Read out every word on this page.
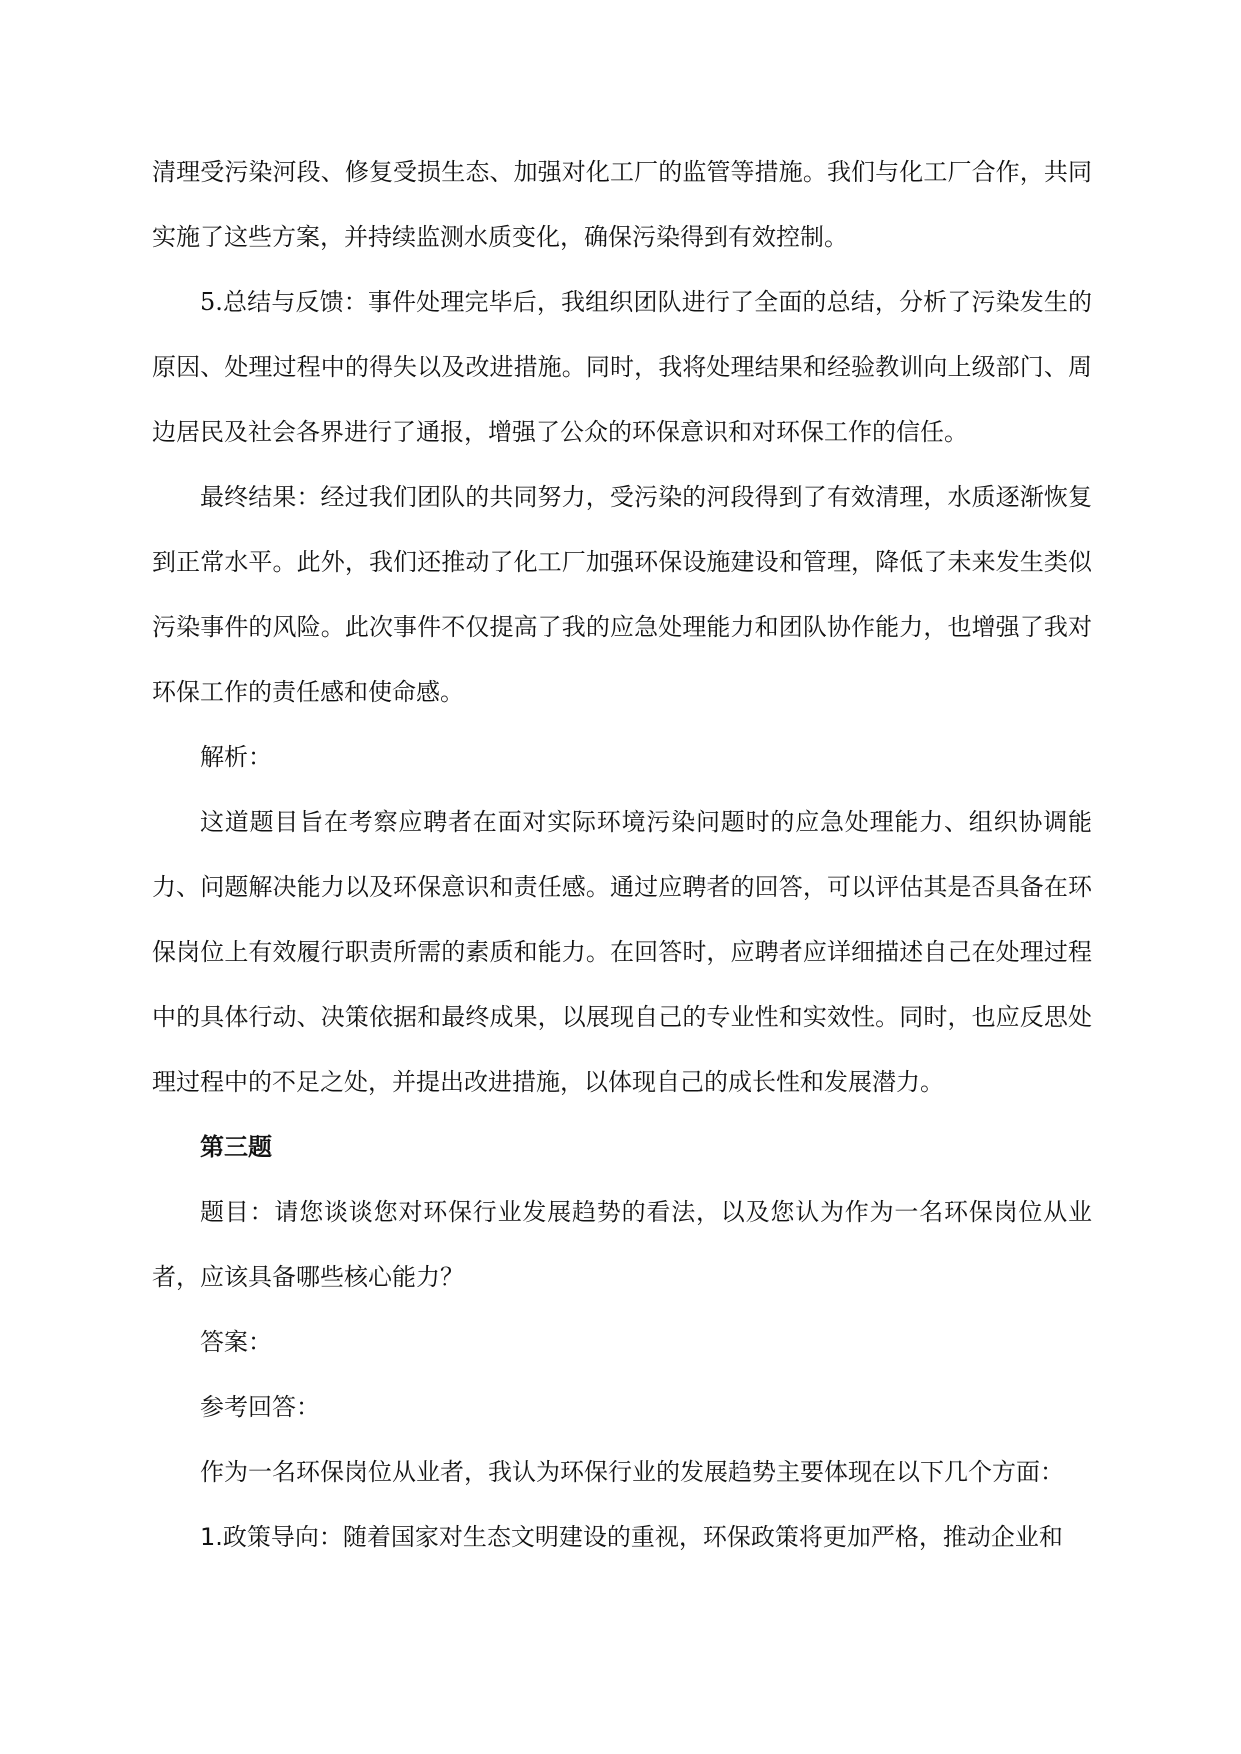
清理受污染河段、修复受损生态、加强对化工厂的监管等措施。我们与化工厂合作，共同实施了这些方案，并持续监测水质变化，确保污染得到有效控制。

5.总结与反馈：事件处理完毕后，我组织团队进行了全面的总结，分析了污染发生的原因、处理过程中的得失以及改进措施。同时，我将处理结果和经验教训向上级部门、周边居民及社会各界进行了通报，增强了公众的环保意识和对环保工作的信任。

最终结果：经过我们团队的共同努力，受污染的河段得到了有效清理，水质逐渐恢复到正常水平。此外，我们还推动了化工厂加强环保设施建设和管理，降低了未来发生类似污染事件的风险。此次事件不仅提高了我的应急处理能力和团队协作能力，也增强了我对环保工作的责任感和使命感。

解析：

这道题目旨在考察应聘者在面对实际环境污染问题时的应急处理能力、组织协调能力、问题解决能力以及环保意识和责任感。通过应聘者的回答，可以评估其是否具备在环保岗位上有效履行职责所需的素质和能力。在回答时，应聘者应详细描述自己在处理过程中的具体行动、决策依据和最终成果，以展现自己的专业性和实效性。同时，也应反思处理过程中的不足之处，并提出改进措施，以体现自己的成长性和发展潜力。

第三题

题目：请您谈谈您对环保行业发展趋势的看法，以及您认为作为一名环保岗位从业者，应该具备哪些核心能力？

答案：

参考回答：

作为一名环保岗位从业者，我认为环保行业的发展趋势主要体现在以下几个方面：

1.政策导向：随着国家对生态文明建设的重视，环保政策将更加严格，推动企业和
